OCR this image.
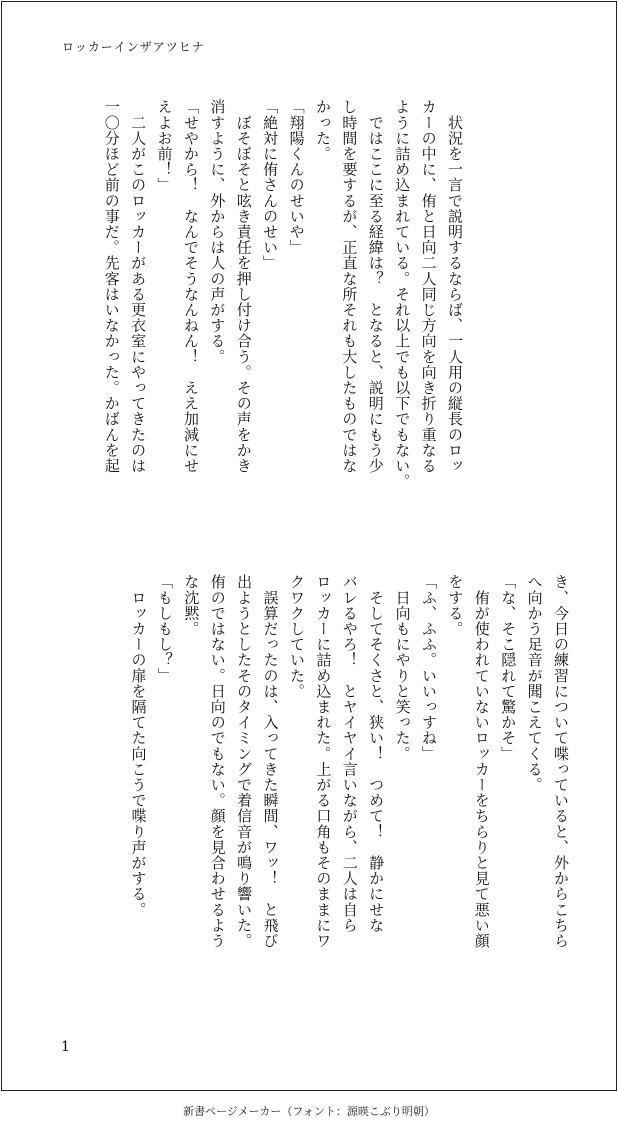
ロッカーインザアツヒナ
　状況を一言で説明するならば、一人用の縦長のロッ
カーの中に、侑と日向二人同じ方向を向き折り重なる
ように詰め込まれている。それ以上でも以下でもない。
　ではここに至る経緯は？　となると、説明にもう少
し時間を要するが、正直な所それも大したものではな
かった。
「翔陽くんのせいや」
「絶対に侑さんのせい」
　ぼそぼそと呟き責任を押し付け合う。その声をかき
消すように、外からは人の声がする。
「せやから！　なんでそうなんねん！　ええ加減にせ
えよお前！」
　二人がこのロッカーがある更衣室にやってきたのは
一〇分ほど前の事だ。先客はいなかった。かばんを起
き、今日の練習について喋っていると、外からこちら
へ向かう足音が聞こえてくる。
「な、そこ隠れて驚かそ」
　侑が使われていないロッカーをちらりと見て悪い顔
をする。
「ふ、ふふ。いいっすね」
　日向もにやりと笑った。
　そしてそくさと、狭い！　つめて！　静かにせな
バレるやろ！　とヤイヤイ言いながら、二人は自ら
ロッカーに詰め込まれた。上がる口角もそのままにワ
クワクしていた。
　誤算だったのは、入ってきた瞬間、ワッ！　と飛び
出ようとしたそのタイミングで着信音が鳴り響いた。
侑のではない。日向のでもない。顔を見合わせるよう
な沈黙。
「もしもし？」
　ロッカーの扉を隔てた向こうで喋り声がする。
1
新書ページメーカー（フォント：源暎こぶり明朝）
